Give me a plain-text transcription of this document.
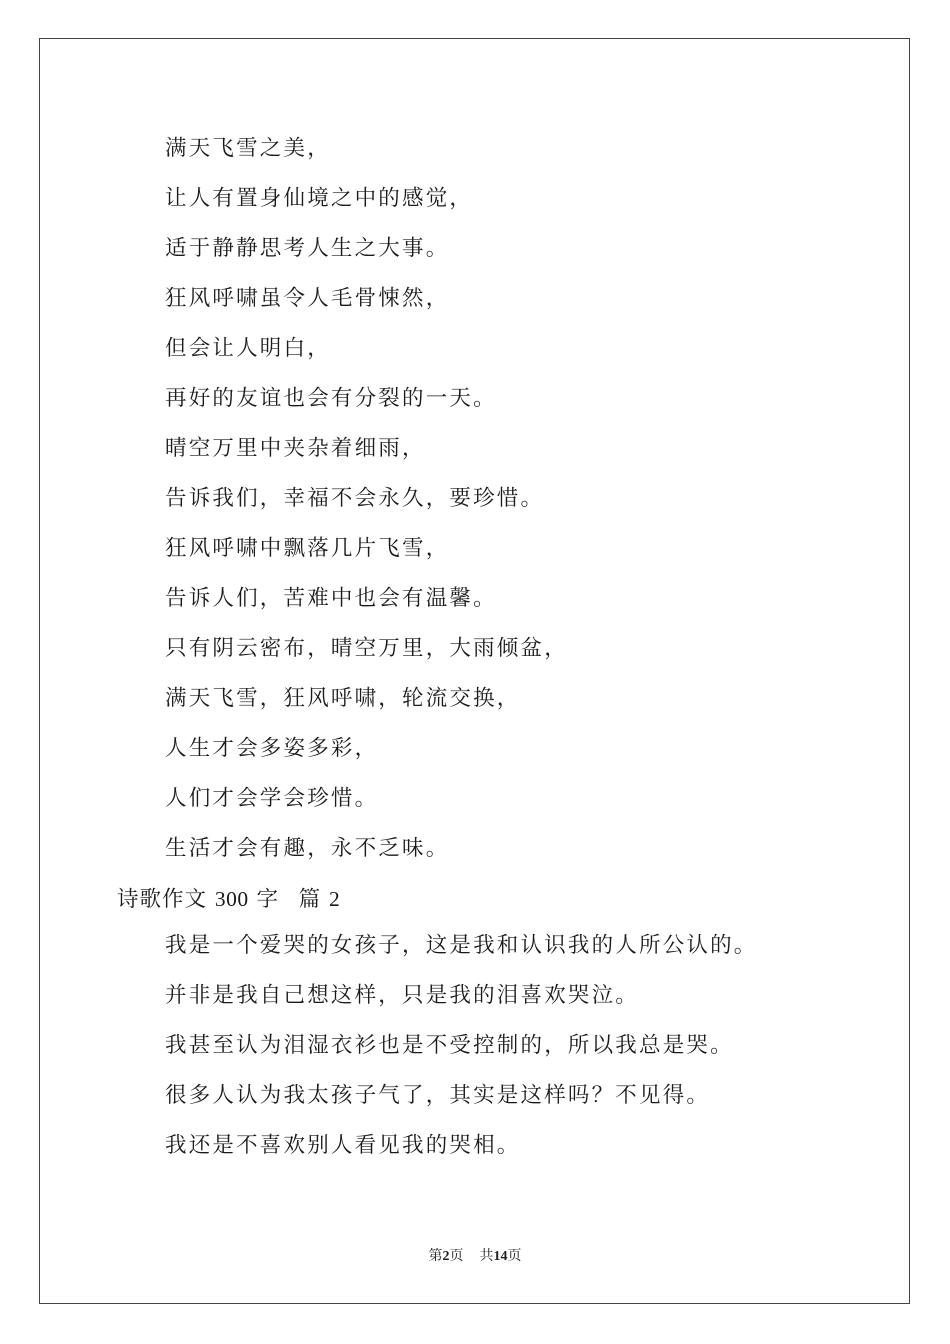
满天飞雪之美，
让人有置身仙境之中的感觉，
适于静静思考人生之大事。
狂风呼啸虽令人毛骨悚然，
但会让人明白，
再好的友谊也会有分裂的一天。
晴空万里中夹杂着细雨，
告诉我们，幸福不会永久，要珍惜。
狂风呼啸中飘落几片飞雪，
告诉人们，苦难中也会有温馨。
只有阴云密布，晴空万里，大雨倾盆，
满天飞雪，狂风呼啸，轮流交换，
人生才会多姿多彩，
人们才会学会珍惜。
生活才会有趣，永不乏味。
诗歌作文 300 字 篇 2
我是一个爱哭的女孩子，这是我和认识我的人所公认的。
并非是我自己想这样，只是我的泪喜欢哭泣。
我甚至认为泪湿衣衫也是不受控制的，所以我总是哭。
很多人认为我太孩子气了，其实是这样吗？不见得。
我还是不喜欢别人看见我的哭相。
第2页 共14页
